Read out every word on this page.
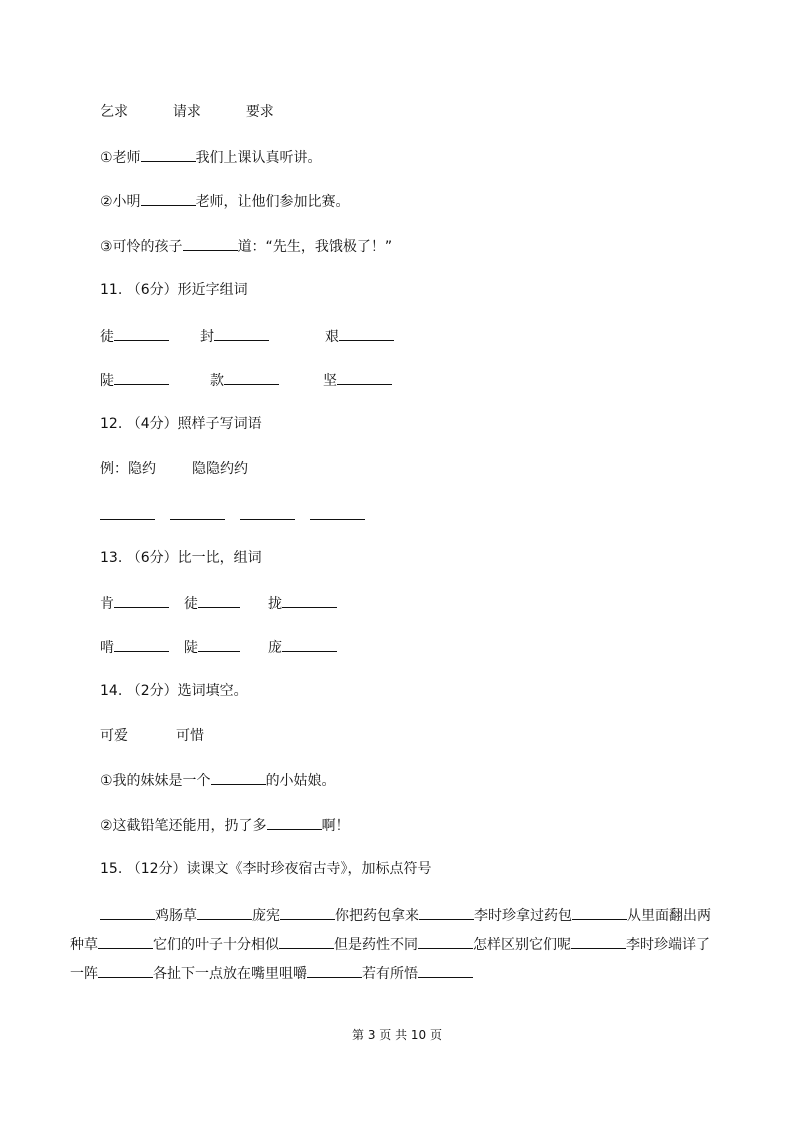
乞求	请求	要求
①老师	我们上课认真听讲。
②小明	老师，让他们参加比赛。
③可怜的孩子	道：“先生，我饿极了！”
11. （6分）形近字组词
徒	封	艰
陡	款	坚
12. （4分）照样子写词语
例：隐约	隐隐约约
13. （6分）比一比，组词
肯	徒	拢
啃	陡	庞
14. （2分）选词填空。
可爱	可惜
①我的妹妹是一个	的小姑娘。
②这截铅笔还能用，扔了多	啊！
15. （12分）读课文《李时珍夜宿古寺》，加标点符号
鸡肠草	庞宪	你把药包拿来	李时珍拿过药包	从里面翻出两
种草	它们的叶子十分相似	但是药性不同	怎样区别它们呢	李时珍端详了
一阵	各扯下一点放在嘴里咀嚼	若有所悟
第 3 页 共 10 页
